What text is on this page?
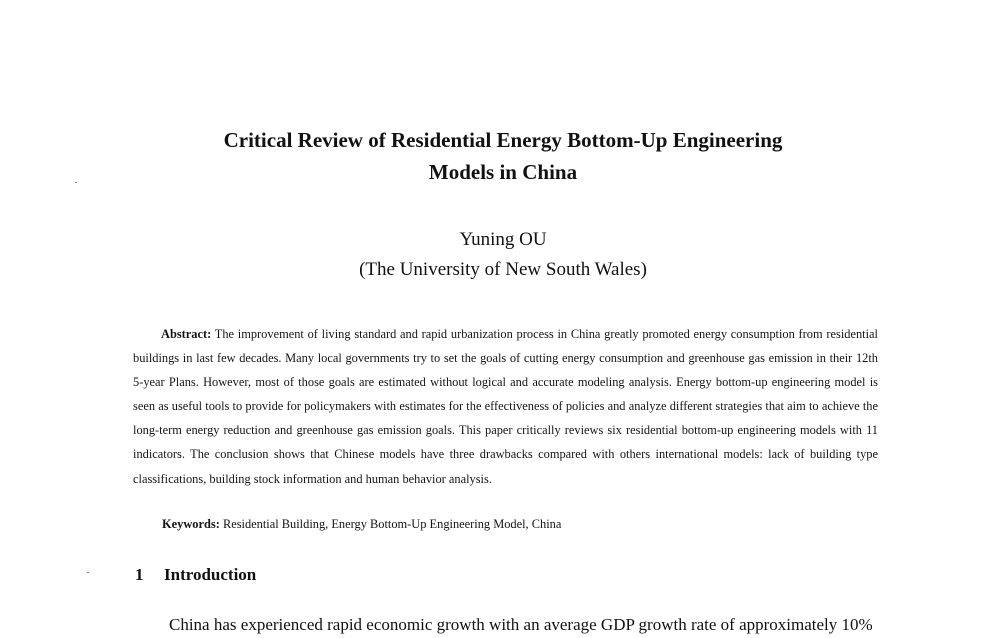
Critical Review of Residential Energy Bottom-Up Engineering
Models in China
Yuning OU
(The University of New South Wales)
Abstract: The improvement of living standard and rapid urbanization process in China greatly promoted energy consumption from residential buildings in last few decades. Many local governments try to set the goals of cutting energy consumption and greenhouse gas emission in their 12th 5-year Plans. However, most of those goals are estimated without logical and accurate modeling analysis. Energy bottom-up engineering model is seen as useful tools to provide for policymakers with estimates for the effectiveness of policies and analyze different strategies that aim to achieve the long-term energy reduction and greenhouse gas emission goals. This paper critically reviews six residential bottom-up engineering models with 11 indicators. The conclusion shows that Chinese models have three drawbacks compared with others international models: lack of building type classifications, building stock information and human behavior analysis.
Keywords: Residential Building, Energy Bottom-Up Engineering Model, China
1 Introduction
China has experienced rapid economic growth with an average GDP growth rate of approximately 10%
